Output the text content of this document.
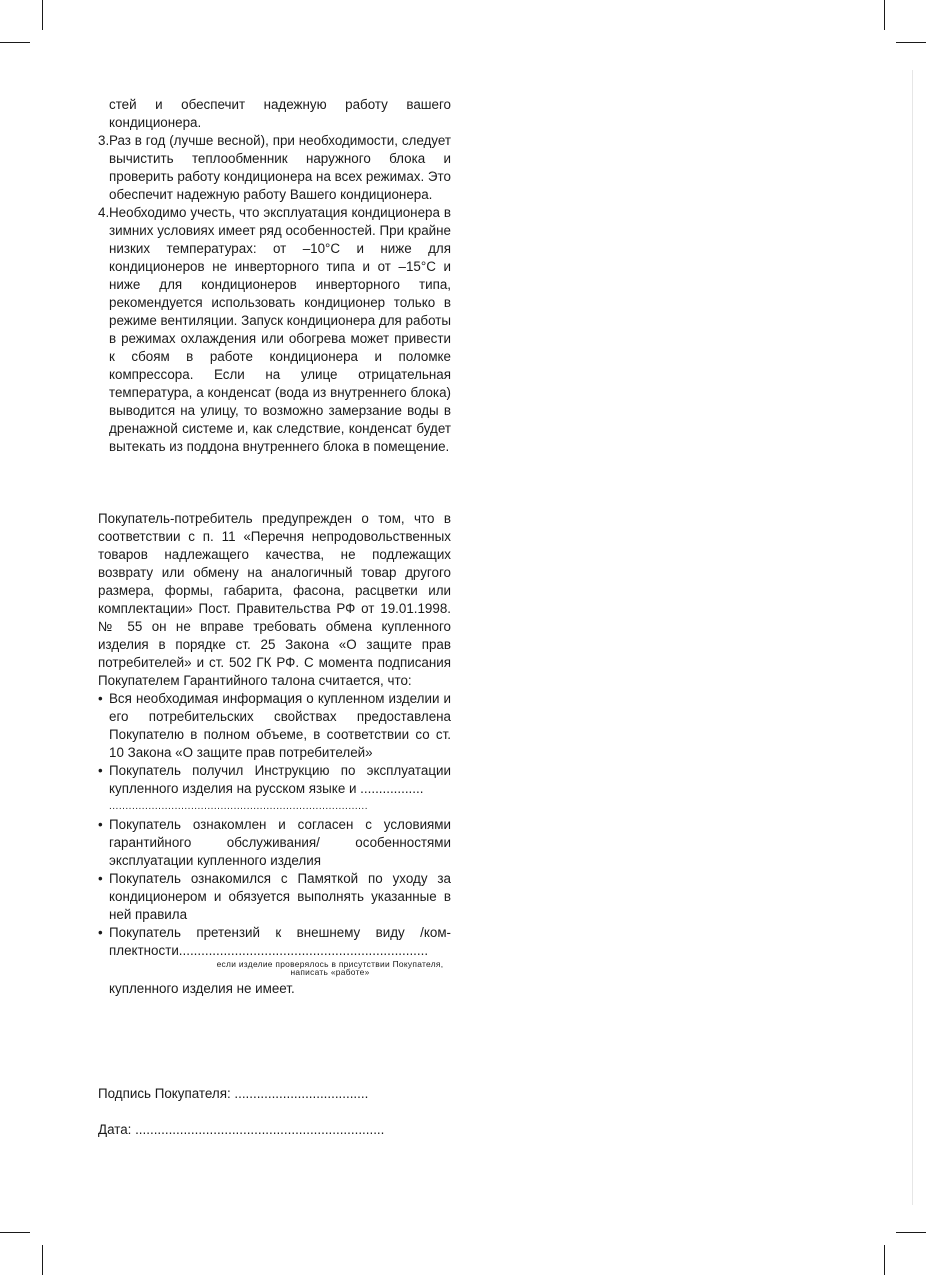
стей и обеспечит надежную работу вашего кондиционера.

3. Раз в год (лучше весной), при необходимости, следует вычистить теплообменник наружного блока и проверить работу кондиционера на всех режимах. Это обеспечит надежную работу Вашего кондиционера.

4. Необходимо учесть, что эксплуатация кондиционера в зимних условиях имеет ряд особенностей. При крайне низких температурах: от –10°С и ниже для кондиционеров не инверторного типа и от –15°С и ниже для кондиционеров инверторного типа, рекомендуется использовать кондиционер только в режиме вентиляции. Запуск кондиционера для работы в режимах охлаждения или обогрева может привести к сбоям в работе кондиционера и поломке компрессора. Если на улице отрицательная температура, а конденсат (вода из внутреннего блока) выводится на улицу, то возможно замерзание воды в дренажной системе и, как следствие, конденсат будет вытекать из поддона внутреннего блока в помещение.

Покупатель-потребитель предупрежден о том, что в соответствии с п. 11 «Перечня непродовольственных товаров надлежащего качества, не подлежащих возврату или обмену на аналогичный товар другого размера, формы, габарита, фасона, расцветки или комплектации» Пост. Правительства РФ от 19.01.1998. № 55 он не вправе требовать обмена купленного изделия в порядке ст. 25 Закона «О защите прав потребителей» и ст. 502 ГК РФ. С момента подписания Покупателем Гарантийного талона считается, что:

• Вся необходимая информация о купленном изделии и его потребительских свойствах предоставлена Покупателю в полном объеме, в соответствии со ст. 10 Закона «О защите прав потребителей»

• Покупатель получил Инструкцию по эксплуатации купленного изделия на русском языке и .................

...............................................................................

• Покупатель ознакомлен и согласен с условиями гарантийного обслуживания/ особенностями эксплуатации купленного изделия

• Покупатель ознакомился с Памяткой по уходу за кондиционером и обязуется выполнять указанные в ней правила

• Покупатель претензий к внешнему виду /ком-

плектности...................................................................

если изделие проверялось в присутствии Покупателя, написать «работе»

купленного изделия не имеет.

Подпись Покупателя: ....................................
Дата: ...................................................................
